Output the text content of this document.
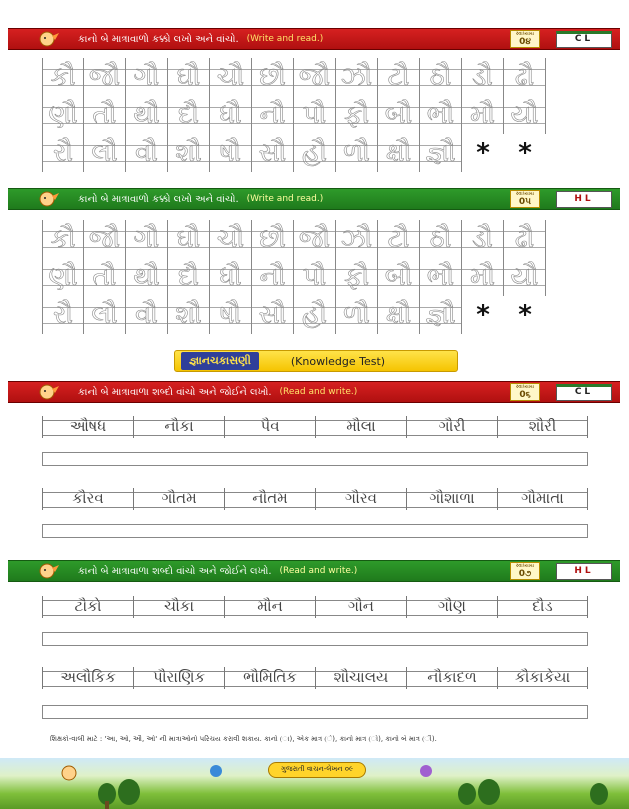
કાનો બે માત્રાવાળો કક્કો લખો અને વાંચો. (Write and read.)	સ્વાધ્યાય
0૪	CL
કૌ જૌ ગૌ ઘૌ ચૌ છૌ જૌ ઝૌ ટૌ ઠૌ ડૌ ઢૌ
ણૌ તૌ થૌ દૌ ધૌ નૌ પૌ ફૌ બૌ ભૌ મૌ યૌ
રૌ લૌ વૌ શૌ ષૌ સૌ હૌ ળૌ ક્ષૌ જ્ઞૌ *	*
કાનો બે માત્રાવાળો કક્કો લખો અને વાંચો. (Write and read.)	સ્વાધ્યાય
0૫	HL
કૌ જૌ ગૌ ઘૌ ચૌ છૌ જૌ ઝૌ ટૌ ઠૌ ડૌ ઢૌ
ણૌ તૌ થૌ દૌ ધૌ નૌ પૌ ફૌ બૌ ભૌ મૌ યૌ
રૌ લૌ વૌ શૌ ષૌ સૌ હૌ ળૌ ક્ષૌ જ્ઞૌ *	*
જ્ઞાનચકાસણી	(Knowledge Test)
કાનો બે માત્રાવાળા શબ્દો વાંચો અને જોઈને લખો. (Read and write.)	સ્વાધ્યાય
0૬	CL
ઔષધ	નૌકા	પૈવ	મૌલા	ગૌરી	શૌરી
કૌરવ	ગૌતમ	નૌતમ	ગૌરવ	ગૌશાળા	ગૌમાતા
કાનો બે માત્રાવાળા શબ્દો વાંચો અને જોઈને લખો. (Read and write.)	સ્વાધ્યાય
0૭	HL
ટૌકો	ચૌકા	મૌન	ગૌન	ગૌણ	દૌડ
અલૌકિક	પૌરાણિક	ભૌમિતિક	શૌચાલય	નૌકાદળ	કૌકાકેયા
શિક્ષકો-વાલી માટે : 'આ, ઓ, ઔ, ઓ' ની માત્રાઓનો પરિચય કરાવી શકાય. કાનો (ા), એક માત્ર (ે), કાનો માત્ર (ો), કાનો બે માત્ર (ૌ).
ગુજરાતી વાચન-લેખન ૦૯
